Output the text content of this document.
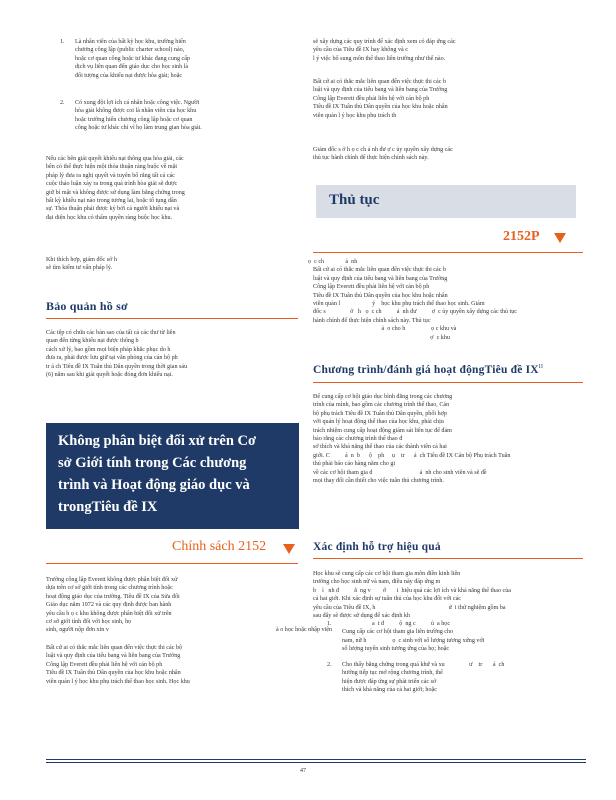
1. Là nhân viên của bất kỳ học khu, trường hiến
chương công lập (public charter school) nào,
hoặc cơ quan công hoặc tư khác đang cung cấp
dịch vụ liên quan đến giáo dục cho học sinh là
đối tượng của khiếu nại được hòa giải; hoặc
2. Có xung đột lợi ích cá nhân hoặc công việc. Người
hòa giải không được coi là nhân viên của học khu
hoặc trường hiến chương công lập hoặc cơ quan
công hoặc tư khác chỉ vì họ làm trung gian hòa giải.
Nếu các bên giải quyết khiếu nại thông qua hòa giải, các
bên có thể thực hiện một thỏa thuận ràng buộc về mặt
pháp lý đưa ra nghị quyết và tuyên bố rằng tất cả các
cuộc thảo luận xảy ra trong quá trình hòa giải sẽ được
giữ bí mật và không được sử dụng làm bằng chứng trong
bất kỳ khiếu nại nào trong tương lai, hoặc tố tụng dân
sự. Thỏa thuận phải được ký bởi cả người khiếu nại và
đại diện học khu có thẩm quyền ràng buộc học khu.
Khi thích hợp, giám đốc sở h
sẽ tìm kiếm tư vấn pháp lý.
Bảo quản hồ sơ
Các tệp có chứa các bản sao của tất cả các thư từ liên
quan đến từng khiếu nại được thông b
cách xử lý, bao gồm mọi biện pháp khắc phục do h
đưa ra, phải được lưu giữ tại văn phòng của cán bộ ph
tr á ch Tiêu đề IX Tuân thủ Dân quyền trong thời gian sáu
(6) năm sau khi giải quyết hoặc đóng đơn khiếu nại.
Không phân biệt đối xử trên Cơ
sở Giới tính trong Các chương
trình và Hoạt động giáo dục và
trongTiêu đề IX
Chính sách 2152
Trường công lập Everett không được phân biệt đối xử
dựa trên cơ sở giới tính trong các chương trình hoặc
hoạt động giáo dục của trường. Tiêu đề IX của Sửa đổi
Giáo dục năm 1972 và các quy định được ban hành
yêu cầu h ọ c khu không được phân biệt đối xử trên
cơ sở giới tính đối với học sinh, họ
sinh, người nộp đơn xin v	à o học hoặc nhập viện
Bất cứ ai có thắc mắc liên quan đến việc thực thi các bộ
luật và quy định của tiểu bang và liên bang của Trường
Công lập Everett đều phải liên hệ với cán bộ ph
Tiêu đề IX Tuân thủ Dân quyền của học khu hoặc nhân
viên quản l ý học khu phụ trách thể thao học sinh. Học khu
sẽ xây dựng các quy trình để xác định xem có đáp ứng các
yêu cầu của Tiêu đề IX hay không và c
l ý việc bổ sung môn thể thao liên trường như thế nào.
Bất cứ ai có thắc mắc liên quan đến việc thực thi các b
luật và quy định của tiểu bang và liên bang của Trường
Công lập Everett đều phải liên hệ với cán bộ ph
Tiêu đề IX Tuân thủ Dân quyền của học khu hoặc nhân
viên quản l ý học khu phụ trách th
Giám đốc s ở h ọ c ch ả nh đư ợ c ủy quyền xây dựng các
thủ tục hành chính để thực hiện chính sách này.
Thủ tục
2152P
ọ  c ch              ả  nh
Bất cứ ai có thắc mắc liên quan đến việc thực thi các b
luật và quy định của tiểu bang và liên bang của Trường
Công lập Everett đều phải liên hệ với cán bộ ph
Tiêu đề IX Tuân thủ Dân quyền của học khu hoặc nhân
viên quản l                     ý    học khu phụ trách thể thao học sinh. Giám
đốc s                ở   h   ọ  c ch          ả  nh đư          ợ  c ủy quyền xây dựng các thủ tục
hành chính để thực hiện chính sách này. Thủ tục
ả  o cho h                 ọ c khu và
ợ  c khu
Chương trình/đánh giá hoạt độngTiêu đề $IX^{II}$
Để cung cấp cơ hội giáo dục bình đẳng trong các chương
trình của mình, bao gồm các chương trình thể thao, Cán
bộ phụ trách Tiêu đề IX Tuân thủ Dân quyền, phối hợp
với quản lý hoạt động thể thao của học khu, phải chịu
trách nhiệm cung cấp hoạt động giám sát liên tục để đảm
bảo rằng các chương trình thể thao đ
sở thích và khả năng thể thao của các thành viên cả hai
giới. C          á  n  b      ộ    ph     ụ    tr      á  ch Tiêu đề IX Cán bộ Phụ trách Tuân
thủ phải báo cáo hàng năm cho gi
về các cơ hội tham gia d                               ả  nh cho sinh viên và sẽ đề
mọi thay đổi cần thiết cho việc tuân thủ chương trình.
Xác định hỗ trợ hiệu quả
Học khu sẽ cung cấp các cơ hội tham gia môn điền kinh liên
trường cho học sinh nữ và nam, điều này đáp ứng m
b    ì   nh đ          ẳ  ng v        ớ       i  hiệu quả các lợi ích và khả năng thể thao của
cả hai giới. Khi xác định sự tuân thủ của học khu đối với các
yêu cầu của Tiêu đề IX, h                                                ử  i thử nghiệm gồm ba
sau đây sẽ được sử dụng để xác định kh
1.	a  t đ          ộ  ng c          ủ  a học
Cung cấp các cơ hội tham gia liên trường cho
nam, nữ h                 ọ  c sinh với số lượng tương xứng với
số lượng tuyển sinh tương ứng của họ; hoặc
2. Cho thấy bằng chứng trong quá khứ và xu                ư    tr       á  ch
hướng tiếp tục mở rộng chương trình, thể
hiện được đáp ứng sự phát triển các sở
thích và khả năng của cả hai giới; hoặc
47
